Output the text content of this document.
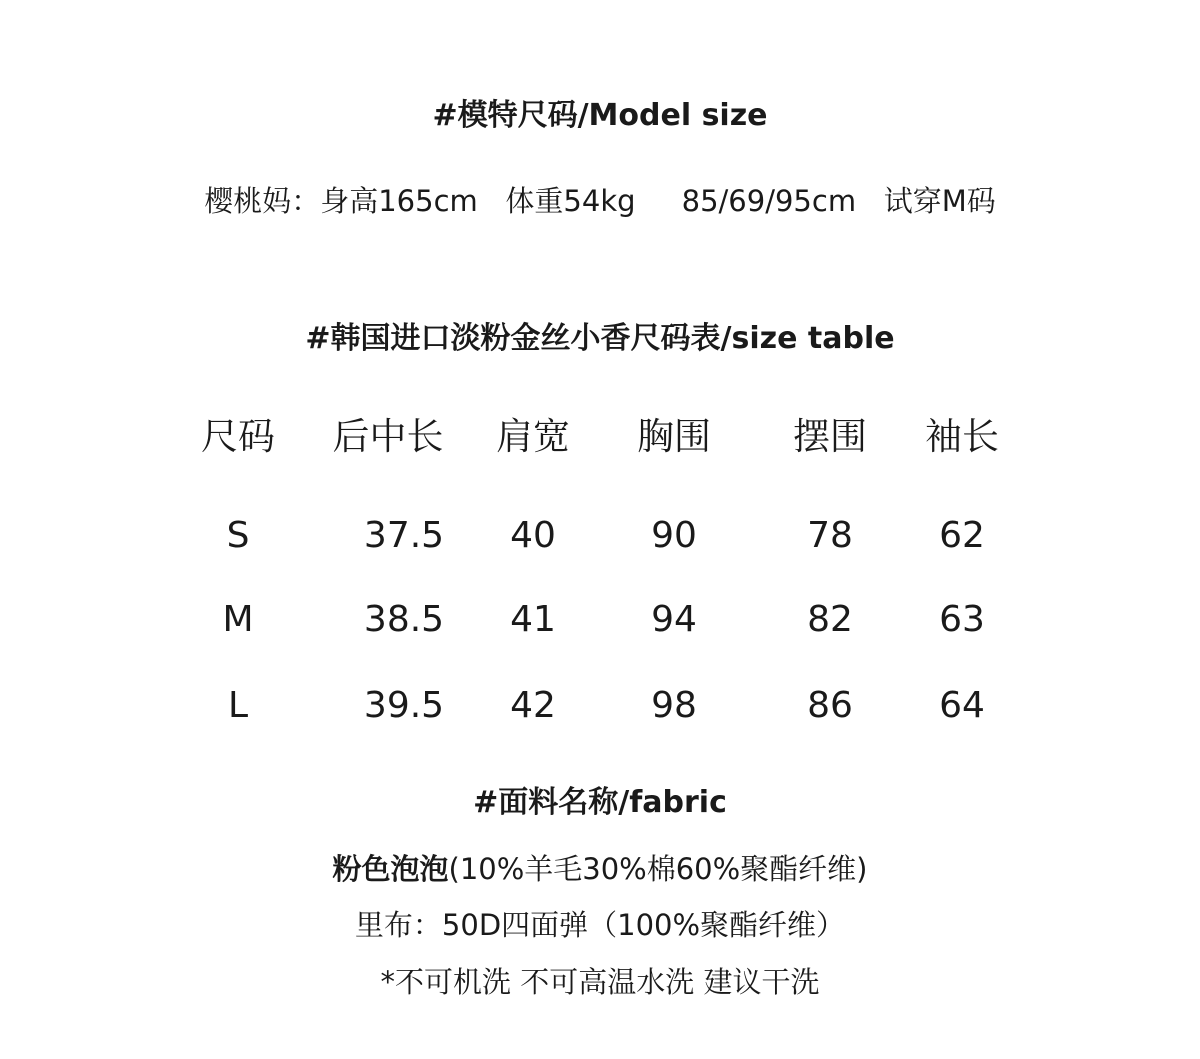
#模特尺码/Model size
樱桃妈：身高165cm   体重54kg     85/69/95cm   试穿M码
#韩国进口淡粉金丝小香尺码表/size table
尺码	后中长	肩宽	胸围	摆围	袖长
S	37.5	40	90	78	62
M	38.5	41	94	82	63
L	39.5	42	98	86	64
#面料名称/fabric
粉色泡泡(10%羊毛30%棉60%聚酯纤维)
里布：50D四面弹（100%聚酯纤维）
*不可机洗 不可高温水洗 建议干洗
